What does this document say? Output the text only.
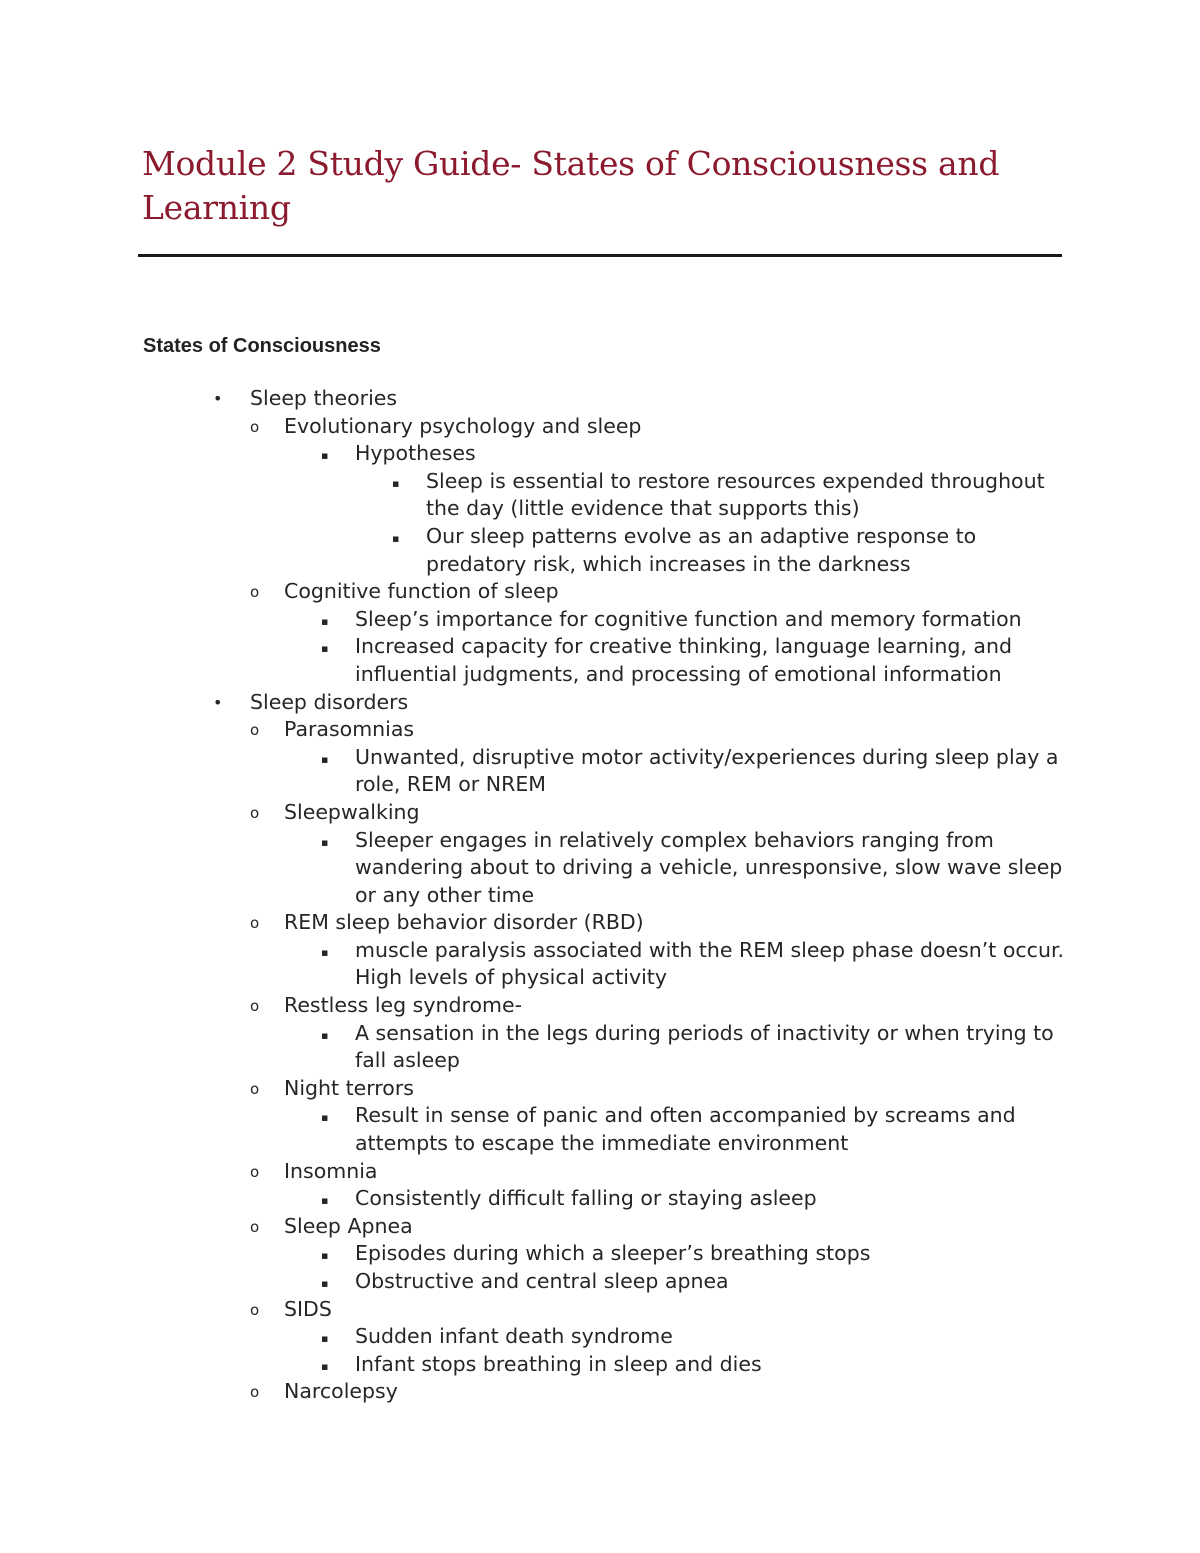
Module 2 Study Guide- States of Consciousness and Learning
States of Consciousness
• Sleep theories
o Evolutionary psychology and sleep
▪ Hypotheses
▪ Sleep is essential to restore resources expended throughout the day (little evidence that supports this)
▪ Our sleep patterns evolve as an adaptive response to predatory risk, which increases in the darkness
o Cognitive function of sleep
▪ Sleep’s importance for cognitive function and memory formation
▪ Increased capacity for creative thinking, language learning, and influential judgments, and processing of emotional information
• Sleep disorders
o Parasomnias
▪ Unwanted, disruptive motor activity/experiences during sleep play a role, REM or NREM
o Sleepwalking
▪ Sleeper engages in relatively complex behaviors ranging from wandering about to driving a vehicle, unresponsive, slow wave sleep or any other time
o REM sleep behavior disorder (RBD)
▪ muscle paralysis associated with the REM sleep phase doesn’t occur. High levels of physical activity
o Restless leg syndrome-
▪ A sensation in the legs during periods of inactivity or when trying to fall asleep
o Night terrors
▪ Result in sense of panic and often accompanied by screams and attempts to escape the immediate environment
o Insomnia
▪ Consistently difficult falling or staying asleep
o Sleep Apnea
▪ Episodes during which a sleeper’s breathing stops
▪ Obstructive and central sleep apnea
o SIDS
▪ Sudden infant death syndrome
▪ Infant stops breathing in sleep and dies
o Narcolepsy
